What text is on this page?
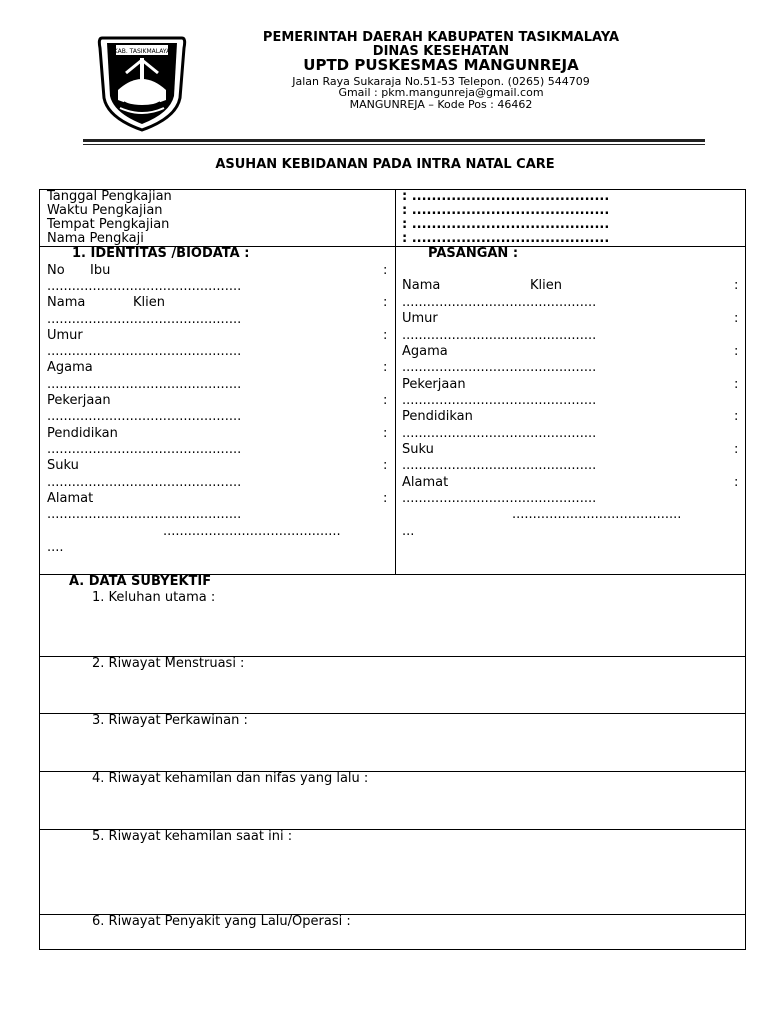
KAB. TASIKMALAYA
PEMERINTAH DAERAH KABUPATEN TASIKMALAYA
DINAS KESEHATAN
UPTD PUSKESMAS MANGUNREJA
Jalan Raya Sukaraja No.51-53 Telepon. (0265) 544709
Gmail : pkm.mangunreja@gmail.com
MANGUNREJA – Kode Pos : 46462
ASUHAN KEBIDANAN PADA INTRA NATAL CARE
Tanggal Pengkajian	: ........................................
Waktu Pengkajian	: ........................................
Tempat Pengkajian	: ........................................
Nama Pengkaji	: ........................................
1. IDENTITAS /BIODATA :
No Ibu	:
...............................................
Nama	Klien	:
...............................................
Umur	:
...............................................
Agama	:
...............................................
Pekerjaan	:
...............................................
Pendidikan	:
...............................................
Suku	:
...............................................
Alamat	:
...............................................
...........................................
....
PASANGAN :
Nama	Klien	:
...............................................
Umur	:
...............................................
Agama	:
...............................................
Pekerjaan	:
...............................................
Pendidikan	:
...............................................
Suku	:
...............................................
Alamat	:
...............................................
.........................................
...
A. DATA SUBYEKTIF
1. Keluhan utama :
2. Riwayat Menstruasi :
3. Riwayat Perkawinan :
4. Riwayat kehamilan dan nifas yang lalu :
5. Riwayat kehamilan saat ini :
6. Riwayat Penyakit yang Lalu/Operasi :
